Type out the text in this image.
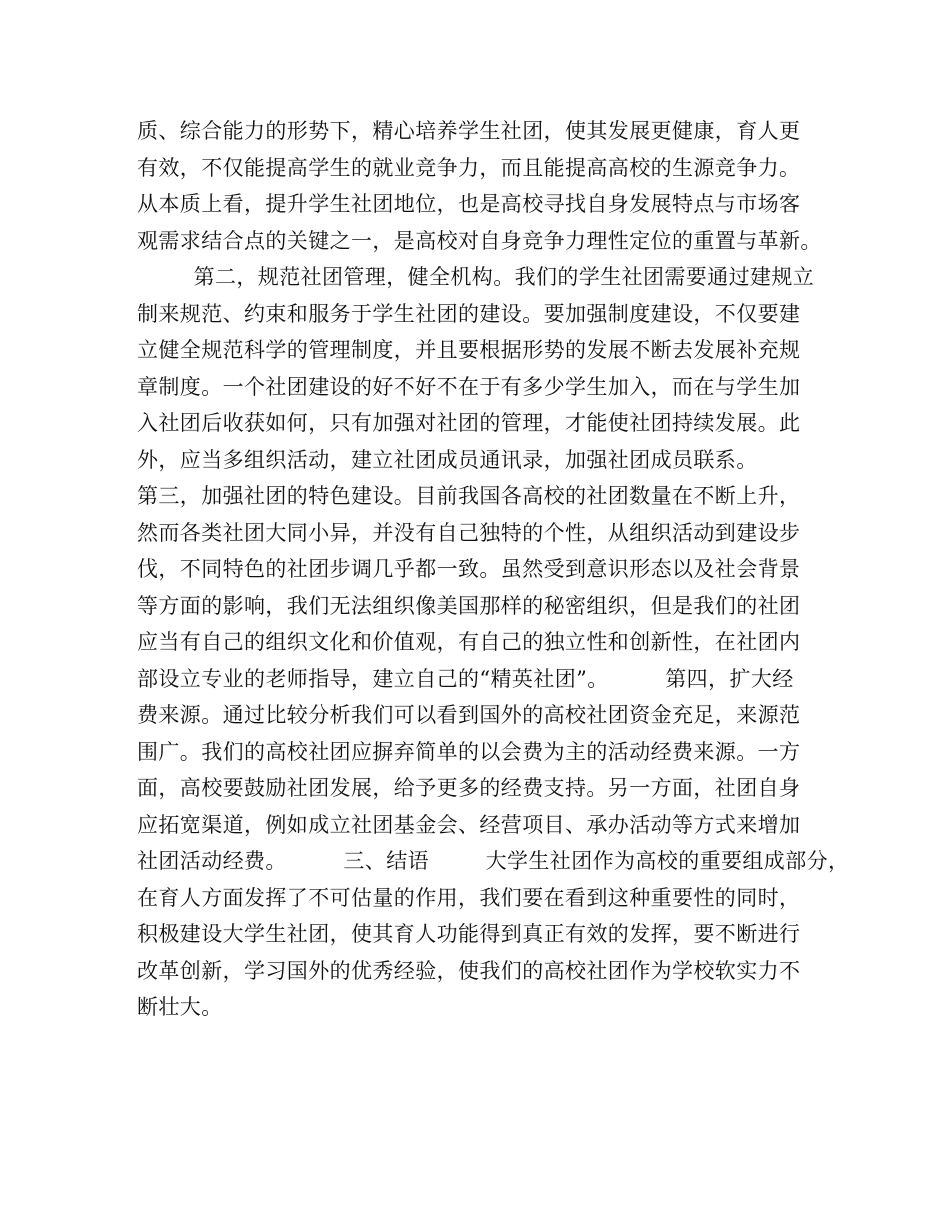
质、综合能力的形势下，精心培养学生社团，使其发展更健康，育人更
有效，不仅能提高学生的就业竞争力，而且能提高高校的生源竞争力。
从本质上看，提升学生社团地位，也是高校寻找自身发展特点与市场客
观需求结合点的关键之一，是高校对自身竞争力理性定位的重置与革新。
第二，规范社团管理，健全机构。我们的学生社团需要通过建规立
制来规范、约束和服务于学生社团的建设。要加强制度建设，不仅要建
立健全规范科学的管理制度，并且要根据形势的发展不断去发展补充规
章制度。一个社团建设的好不好不在于有多少学生加入，而在与学生加
入社团后收获如何，只有加强对社团的管理，才能使社团持续发展。此
外，应当多组织活动，建立社团成员通讯录，加强社团成员联系。
第三，加强社团的特色建设。目前我国各高校的社团数量在不断上升，
然而各类社团大同小异，并没有自己独特的个性，从组织活动到建设步
伐，不同特色的社团步调几乎都一致。虽然受到意识形态以及社会背景
等方面的影响，我们无法组织像美国那样的秘密组织，但是我们的社团
应当有自己的组织文化和价值观，有自己的独立性和创新性，在社团内
部设立专业的老师指导，建立自己的“精英社团”。        第四，扩大经
费来源。通过比较分析我们可以看到国外的高校社团资金充足，来源范
围广。我们的高校社团应摒弃简单的以会费为主的活动经费来源。一方
面，高校要鼓励社团发展，给予更多的经费支持。另一方面，社团自身
应拓宽渠道，例如成立社团基金会、经营项目、承办活动等方式来增加
社团活动经费。        三、结语        大学生社团作为高校的重要组成部分，
在育人方面发挥了不可估量的作用，我们要在看到这种重要性的同时，
积极建设大学生社团，使其育人功能得到真正有效的发挥，要不断进行
改革创新，学习国外的优秀经验，使我们的高校社团作为学校软实力不
断壮大。
